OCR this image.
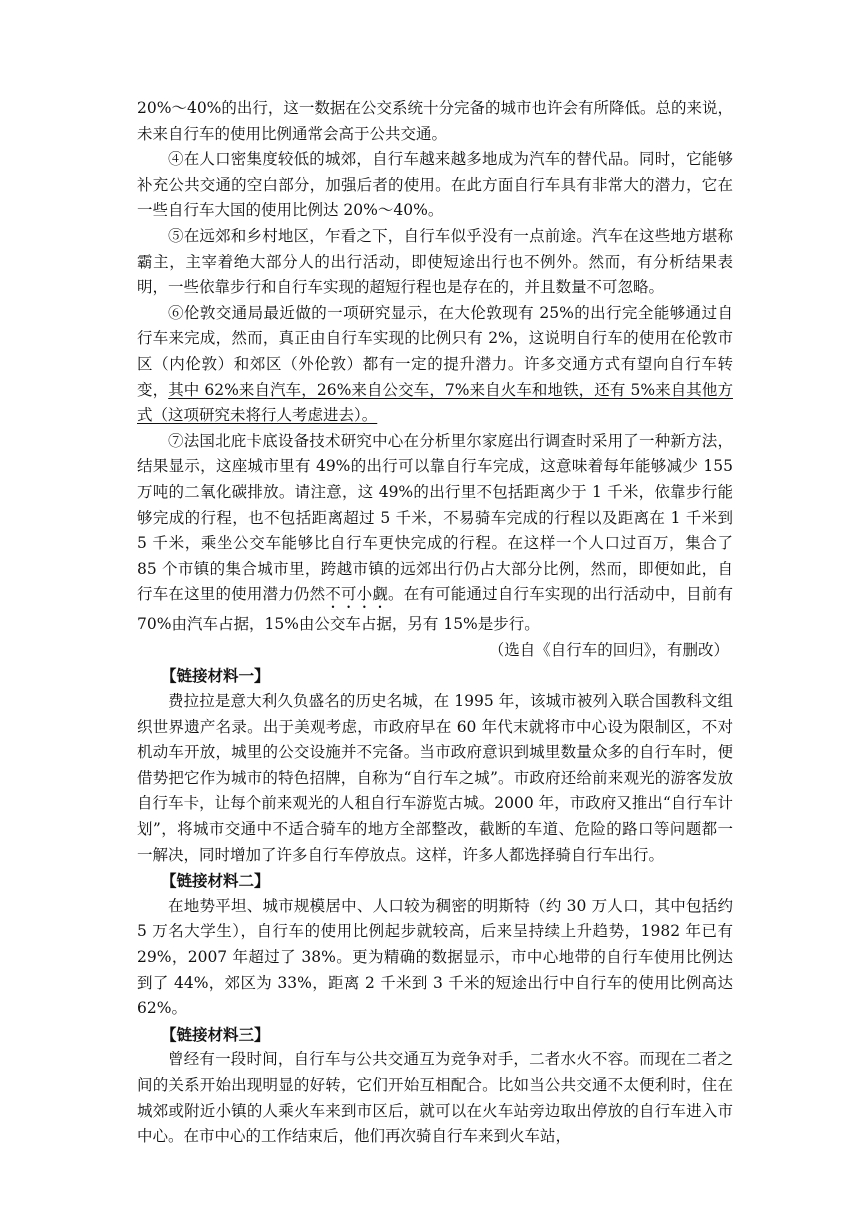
20%～40%的出行，这一数据在公交系统十分完备的城市也许会有所降低。总的来说，未来自行车的使用比例通常会高于公共交通。

④在人口密集度较低的城郊，自行车越来越多地成为汽车的替代品。同时，它能够补充公共交通的空白部分，加强后者的使用。在此方面自行车具有非常大的潜力，它在一些自行车大国的使用比例达 20%～40%。

⑤在远郊和乡村地区，乍看之下，自行车似乎没有一点前途。汽车在这些地方堪称霸主，主宰着绝大部分人的出行活动，即使短途出行也不例外。然而，有分析结果表明，一些依靠步行和自行车实现的超短行程也是存在的，并且数量不可忽略。

⑥伦敦交通局最近做的一项研究显示，在大伦敦现有 25%的出行完全能够通过自行车来完成，然而，真正由自行车实现的比例只有 2%，这说明自行车的使用在伦敦市区（内伦敦）和郊区（外伦敦）都有一定的提升潜力。许多交通方式有望向自行车转变，其中 62%来自汽车，26%来自公交车，7%来自火车和地铁，还有 5%来自其他方式（这项研究未将行人考虑进去）。

⑦法国北庇卡底设备技术研究中心在分析里尔家庭出行调查时采用了一种新方法，结果显示，这座城市里有 49%的出行可以靠自行车完成，这意味着每年能够减少 155 万吨的二氧化碳排放。请注意，这 49%的出行里不包括距离少于 1 千米，依靠步行能够完成的行程，也不包括距离超过 5 千米，不易骑车完成的行程以及距离在 1 千米到 5 千米，乘坐公交车能够比自行车更快完成的行程。在这样一个人口过百万，集合了 85 个市镇的集合城市里，跨越市镇的远郊出行仍占大部分比例，然而，即便如此，自行车在这里的使用潜力仍然不可小觑。在有可能通过自行车实现的出行活动中，目前有 70%由汽车占据，15%由公交车占据，另有 15%是步行。

（选自《自行车的回归》，有删改）

【链接材料一】

费拉拉是意大利久负盛名的历史名城，在 1995 年，该城市被列入联合国教科文组织世界遗产名录。出于美观考虑，市政府早在 60 年代末就将市中心设为限制区，不对机动车开放，城里的公交设施并不完备。当市政府意识到城里数量众多的自行车时，便借势把它作为城市的特色招牌，自称为“自行车之城”。市政府还给前来观光的游客发放自行车卡，让每个前来观光的人租自行车游览古城。2000 年，市政府又推出“自行车计划”，将城市交通中不适合骑车的地方全部整改，截断的车道、危险的路口等问题都一一解决，同时增加了许多自行车停放点。这样，许多人都选择骑自行车出行。

【链接材料二】

在地势平坦、城市规模居中、人口较为稠密的明斯特（约 30 万人口，其中包括约 5 万名大学生），自行车的使用比例起步就较高，后来呈持续上升趋势，1982 年已有 29%，2007 年超过了 38%。更为精确的数据显示，市中心地带的自行车使用比例达到了 44%，郊区为 33%，距离 2 千米到 3 千米的短途出行中自行车的使用比例高达 62%。

【链接材料三】

曾经有一段时间，自行车与公共交通互为竞争对手，二者水火不容。而现在二者之间的关系开始出现明显的好转，它们开始互相配合。比如当公共交通不太便利时，住在城郊或附近小镇的人乘火车来到市区后，就可以在火车站旁边取出停放的自行车进入市中心。在市中心的工作结束后，他们再次骑自行车来到火车站，
